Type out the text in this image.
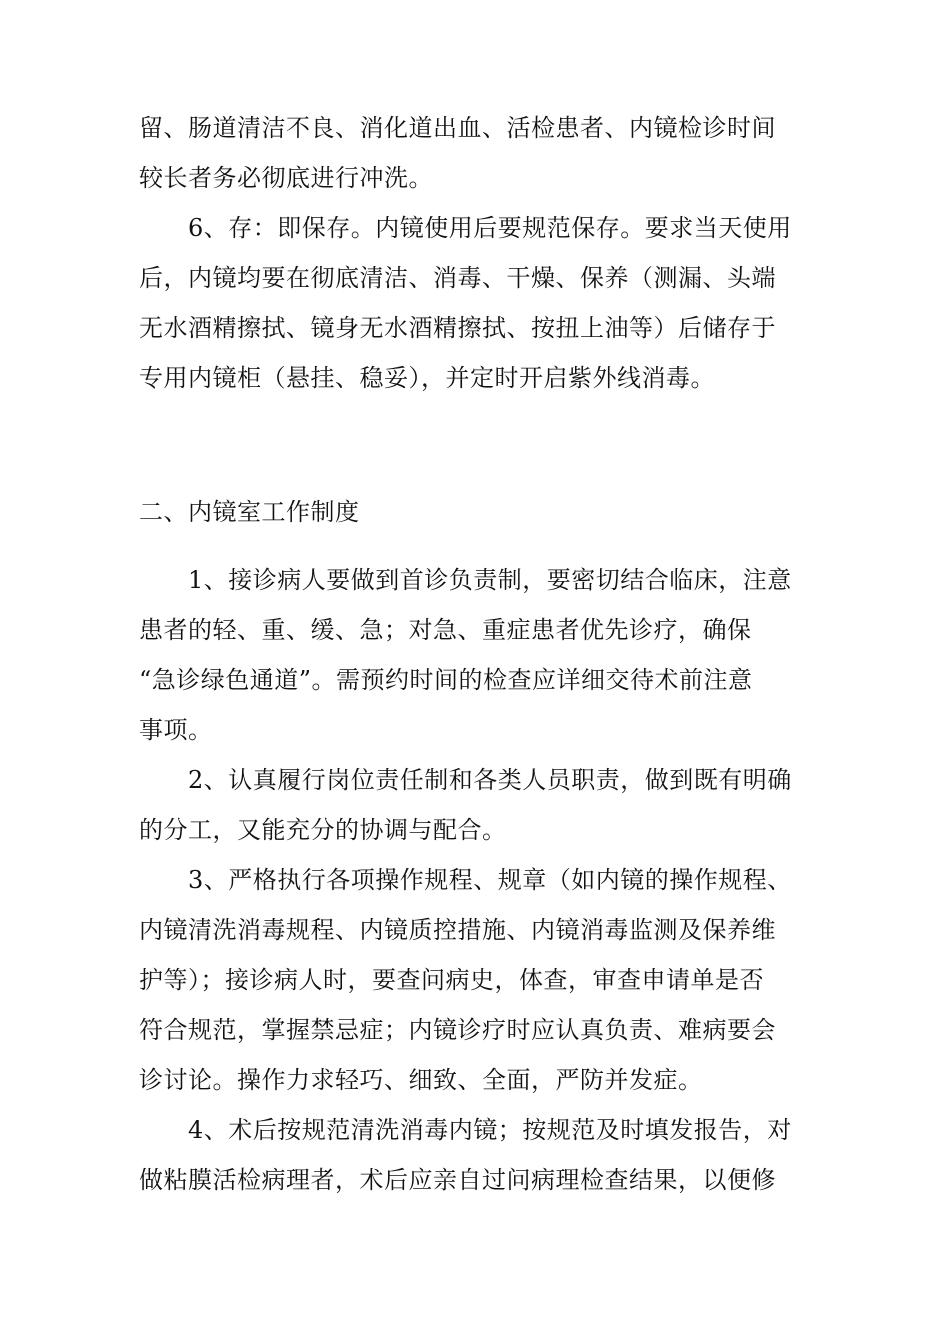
留、肠道清洁不良、消化道出血、活检患者、内镜检诊时间
较长者务必彻底进行冲洗。
6、存：即保存。内镜使用后要规范保存。要求当天使用
后，内镜均要在彻底清洁、消毒、干燥、保养（测漏、头端
无水酒精擦拭、镜身无水酒精擦拭、按扭上油等）后储存于
专用内镜柜（悬挂、稳妥），并定时开启紫外线消毒。
二、内镜室工作制度
1、接诊病人要做到首诊负责制，要密切结合临床，注意
患者的轻、重、缓、急；对急、重症患者优先诊疗，确保
“急诊绿色通道”。需预约时间的检查应详细交待术前注意
事项。
2、认真履行岗位责任制和各类人员职责，做到既有明确
的分工，又能充分的协调与配合。
3、严格执行各项操作规程、规章（如内镜的操作规程、
内镜清洗消毒规程、内镜质控措施、内镜消毒监测及保养维
护等）；接诊病人时，要查问病史，体查，审查申请单是否
符合规范，掌握禁忌症；内镜诊疗时应认真负责、难病要会
诊讨论。操作力求轻巧、细致、全面，严防并发症。
4、术后按规范清洗消毒内镜；按规范及时填发报告，对
做粘膜活检病理者，术后应亲自过问病理检查结果，以便修
